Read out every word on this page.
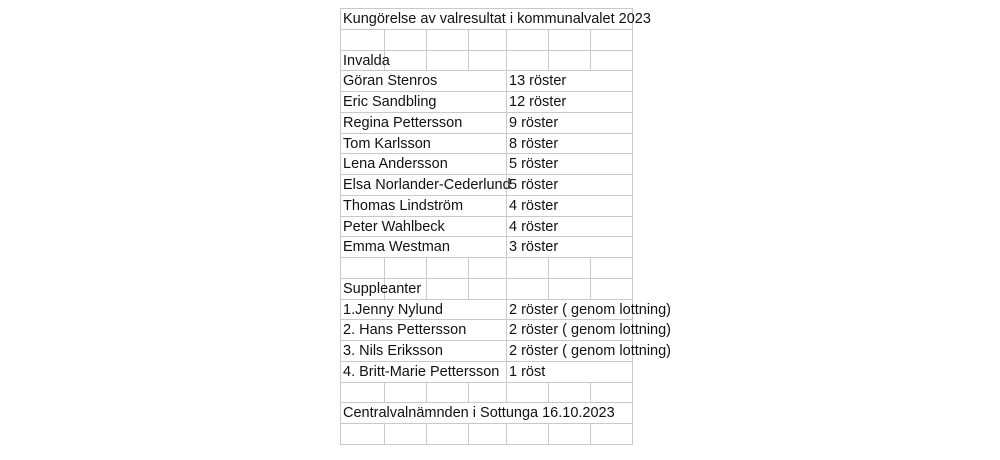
Kungörelse av valresultat i kommunalvalet 2023						

Invalda						

Göran Stenros				13 röster		

Eric Sandbling				12 röster		

Regina Pettersson				9 röster		

Tom Karlsson				8 röster		

Lena Andersson				5 röster		

Elsa Norlander-Cederlund				5 röster		

Thomas Lindström				4 röster		

Peter Wahlbeck				4 röster		

Emma Westman				3 röster		

Suppleanter						

1.Jenny Nylund				2 röster ( genom lottning)		

2. Hans Pettersson				2 röster ( genom lottning)		

3. Nils Eriksson				2 röster ( genom lottning)		

4. Britt-Marie Pettersson				1 röst		

Centralvalnämnden i Sottunga 16.10.2023						
